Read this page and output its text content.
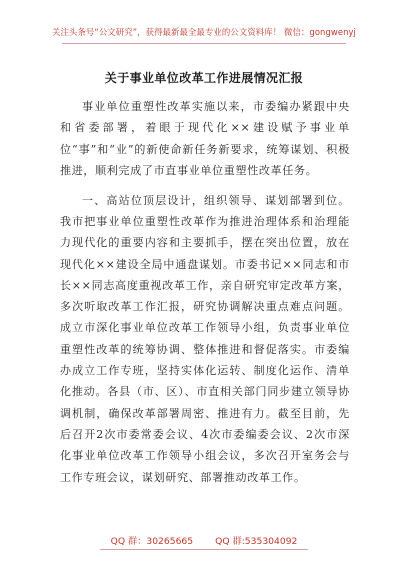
关注头条号“公文研究”，获得最新最全最专业的公文资料库！ 微信：gongwenyj
关于事业单位改革工作进展情况汇报

事业单位重塑性改革实施以来，市委编办紧跟中央和省委部署，着眼于现代化××建设赋予事业单位“事”和“业”的新使命新任务新要求，统筹谋划、积极推进，顺利完成了市直事业单位重塑性改革任务。

一、高站位顶层设计，组织领导、谋划部署到位。我市把事业单位重塑性改革作为推进治理体系和治理能力现代化的重要内容和主要抓手，摆在突出位置，放在现代化××建设全局中通盘谋划。市委书记××同志和市长××同志高度重视改革工作，亲自研究审定改革方案，多次听取改革工作汇报，研究协调解决重点难点问题。成立市深化事业单位改革工作领导小组，负责事业单位重塑性改革的统筹协调、整体推进和督促落实。市委编办成立工作专班，坚持实体化运转、制度化运作、清单化推动。各县（市、区）、市直相关部门同步建立领导协调机制，确保改革部署周密、推进有力。截至目前，先后召开2次市委常委会议、4次市委编委会议、2次市深化事业单位改革工作领导小组会议，多次召开室务会与工作专班会议，谋划研究、部署推动改革工作。

QQ 群：30265665 QQ 群:535304092
